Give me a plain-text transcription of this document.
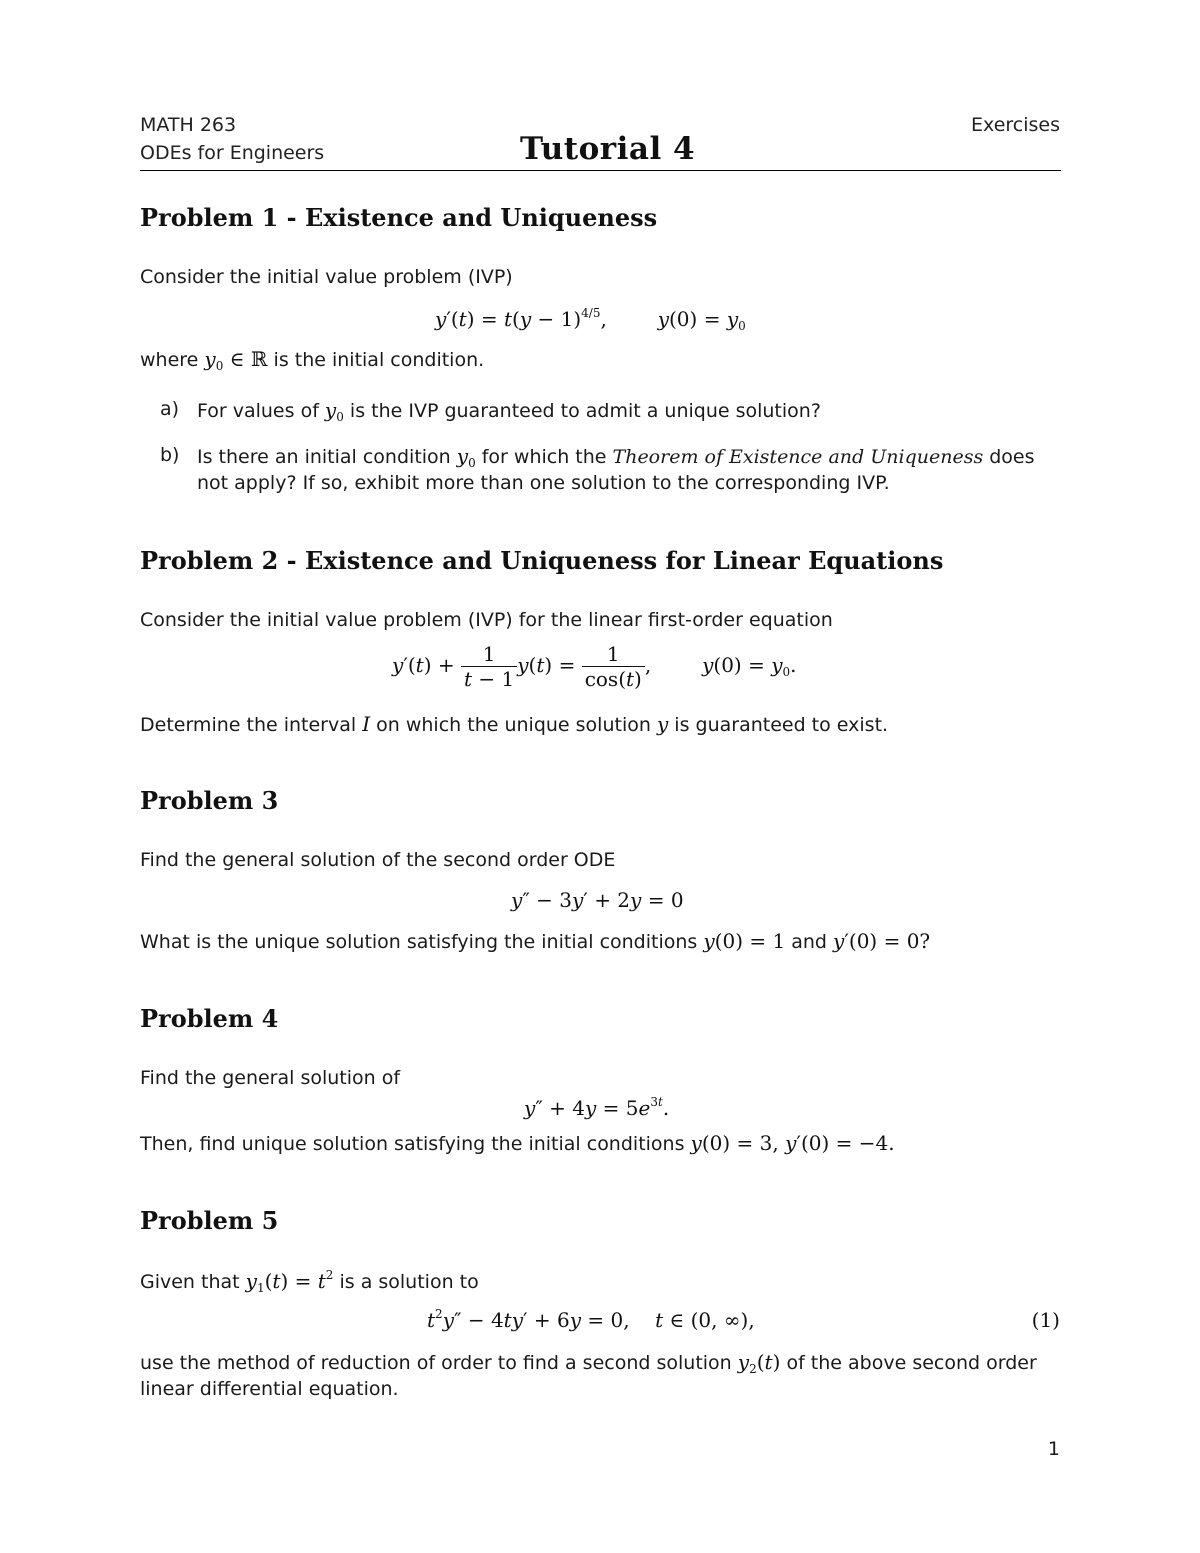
MATH 263
ODEs for Engineers	Tutorial 4
Exercises
Problem 1 - Existence and Uniqueness
Consider the initial value problem (IVP)
$y'(t) = t(y - 1)^{4/5}$,        $y(0) = y_0$
where $y_0$ ∈ ℝ is the initial condition.
a) For values of $y_0$ is the IVP guaranteed to admit a unique solution?
b) Is there an initial condition $y_0$ for which the Theorem of Existence and Uniqueness does
not apply? If so, exhibit more than one solution to the corresponding IVP.
Problem 2 - Existence and Uniqueness for Linear Equations
Consider the initial value problem (IVP) for the linear first-order equation
$y'(t) + \frac{1}{t - 1} y(t) = \frac{1}{\cos(t)}$ ,        $y(0) = y_0$.
Determine the interval I on which the unique solution y is guaranteed to exist.
Problem 3
Find the general solution of the second order ODE
y″ − 3y′ + 2y = 0
What is the unique solution satisfying the initial conditions y(0) = 1 and y′(0) = 0?
Problem 4
Find the general solution of
$y'' + 4y = 5e^{3t}$.
Then, find unique solution satisfying the initial conditions y(0) = 3, y′(0) = −4.
Problem 5
Given that $y_1(t) = t^2$ is a solution to
$t^2y'' - 4ty' + 6y = 0$,    t ∈ (0, ∞),	(1)
use the method of reduction of order to find a second solution $y_2(t)$ of the above second order
linear differential equation.
1
